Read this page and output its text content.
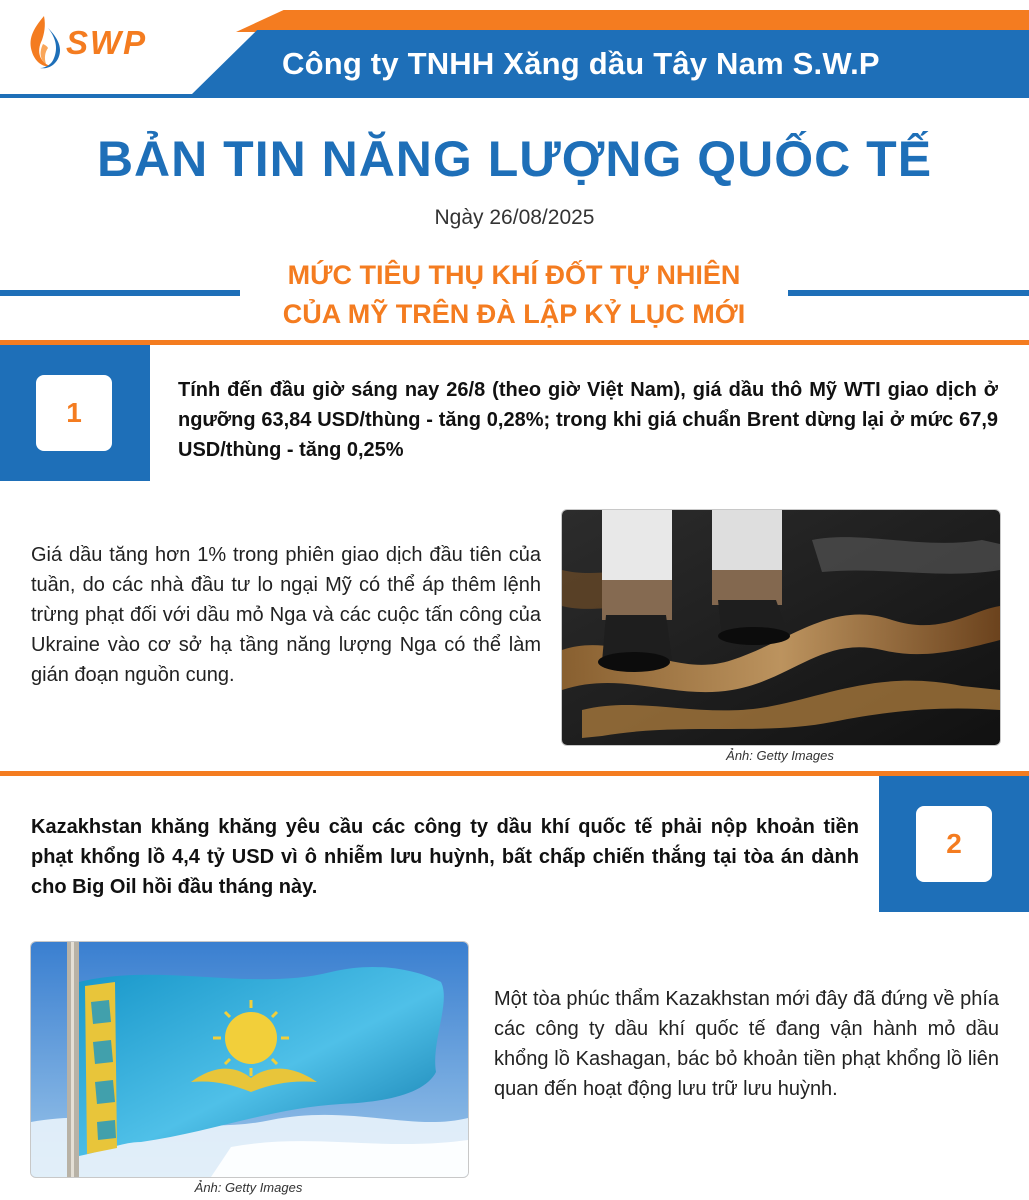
SWP
Công ty TNHH Xăng dầu Tây Nam S.W.P
BẢN TIN NĂNG LƯỢNG QUỐC TẾ
Ngày 26/08/2025
MỨC TIÊU THỤ KHÍ ĐỐT TỰ NHIÊN
CỦA MỸ TRÊN ĐÀ LẬP KỶ LỤC MỚI
1
Tính đến đầu giờ sáng nay 26/8 (theo giờ Việt Nam), giá dầu thô Mỹ WTI giao dịch ở ngưỡng 63,84 USD/thùng - tăng 0,28%; trong khi giá chuẩn Brent dừng lại ở mức 67,9 USD/thùng - tăng 0,25%
Giá dầu tăng hơn 1% trong phiên giao dịch đầu tiên của tuần, do các nhà đầu tư lo ngại Mỹ có thể áp thêm lệnh trừng phạt đối với dầu mỏ Nga và các cuộc tấn công của Ukraine vào cơ sở hạ tầng năng lượng Nga có thể làm gián đoạn nguồn cung.
Ảnh: Getty Images
2
Kazakhstan khăng khăng yêu cầu các công ty dầu khí quốc tế phải nộp khoản tiền phạt khổng lồ 4,4 tỷ USD vì ô nhiễm lưu huỳnh, bất chấp chiến thắng tại tòa án dành cho Big Oil hồi đầu tháng này.
Ảnh: Getty Images
Một tòa phúc thẩm Kazakhstan mới đây đã đứng về phía các công ty dầu khí quốc tế đang vận hành mỏ dầu khổng lồ Kashagan, bác bỏ khoản tiền phạt khổng lồ liên quan đến hoạt động lưu trữ lưu huỳnh.
